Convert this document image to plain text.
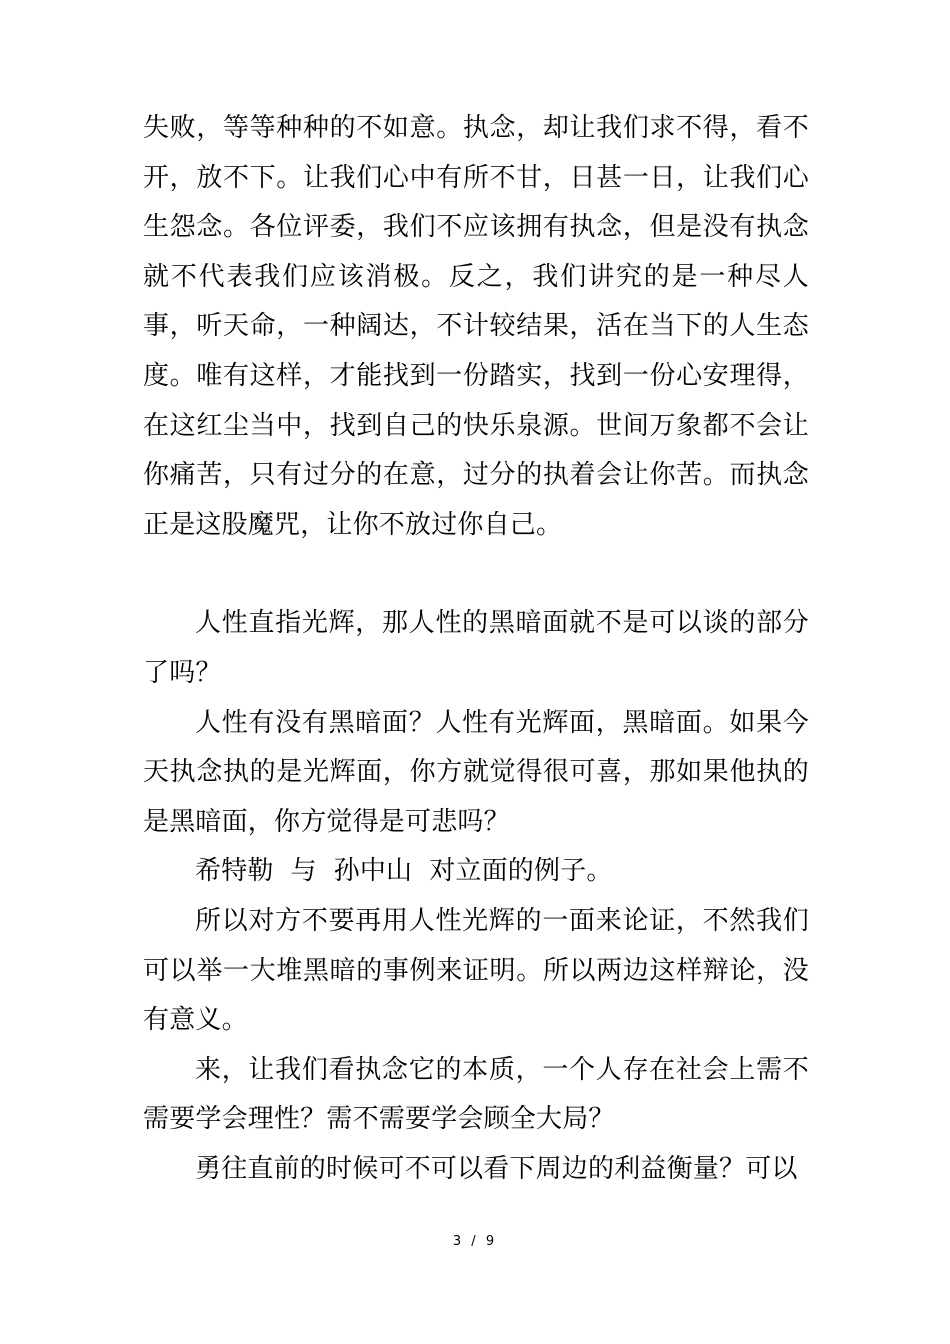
失败，等等种种的不如意。执念，却让我们求不得，看不开，放不下。让我们心中有所不甘，日甚一日，让我们心生怨念。各位评委，我们不应该拥有执念，但是没有执念就不代表我们应该消极。反之，我们讲究的是一种尽人事，听天命，一种阔达，不计较结果，活在当下的人生态度。唯有这样，才能找到一份踏实，找到一份心安理得，在这红尘当中，找到自己的快乐泉源。世间万象都不会让你痛苦，只有过分的在意，过分的执着会让你苦。而执念正是这股魔咒，让你不放过你自己。

人性直指光辉，那人性的黑暗面就不是可以谈的部分了吗？

人性有没有黑暗面？人性有光辉面，黑暗面。如果今天执念执的是光辉面，你方就觉得很可喜，那如果他执的是黑暗面，你方觉得是可悲吗？

希特勒  与  孙中山  对立面的例子。

所以对方不要再用人性光辉的一面来论证，不然我们可以举一大堆黑暗的事例来证明。所以两边这样辩论，没有意义。

来，让我们看执念它的本质，一个人存在社会上需不需要学会理性？需不需要学会顾全大局？

勇往直前的时候可不可以看下周边的利益衡量？可以

3 / 9
